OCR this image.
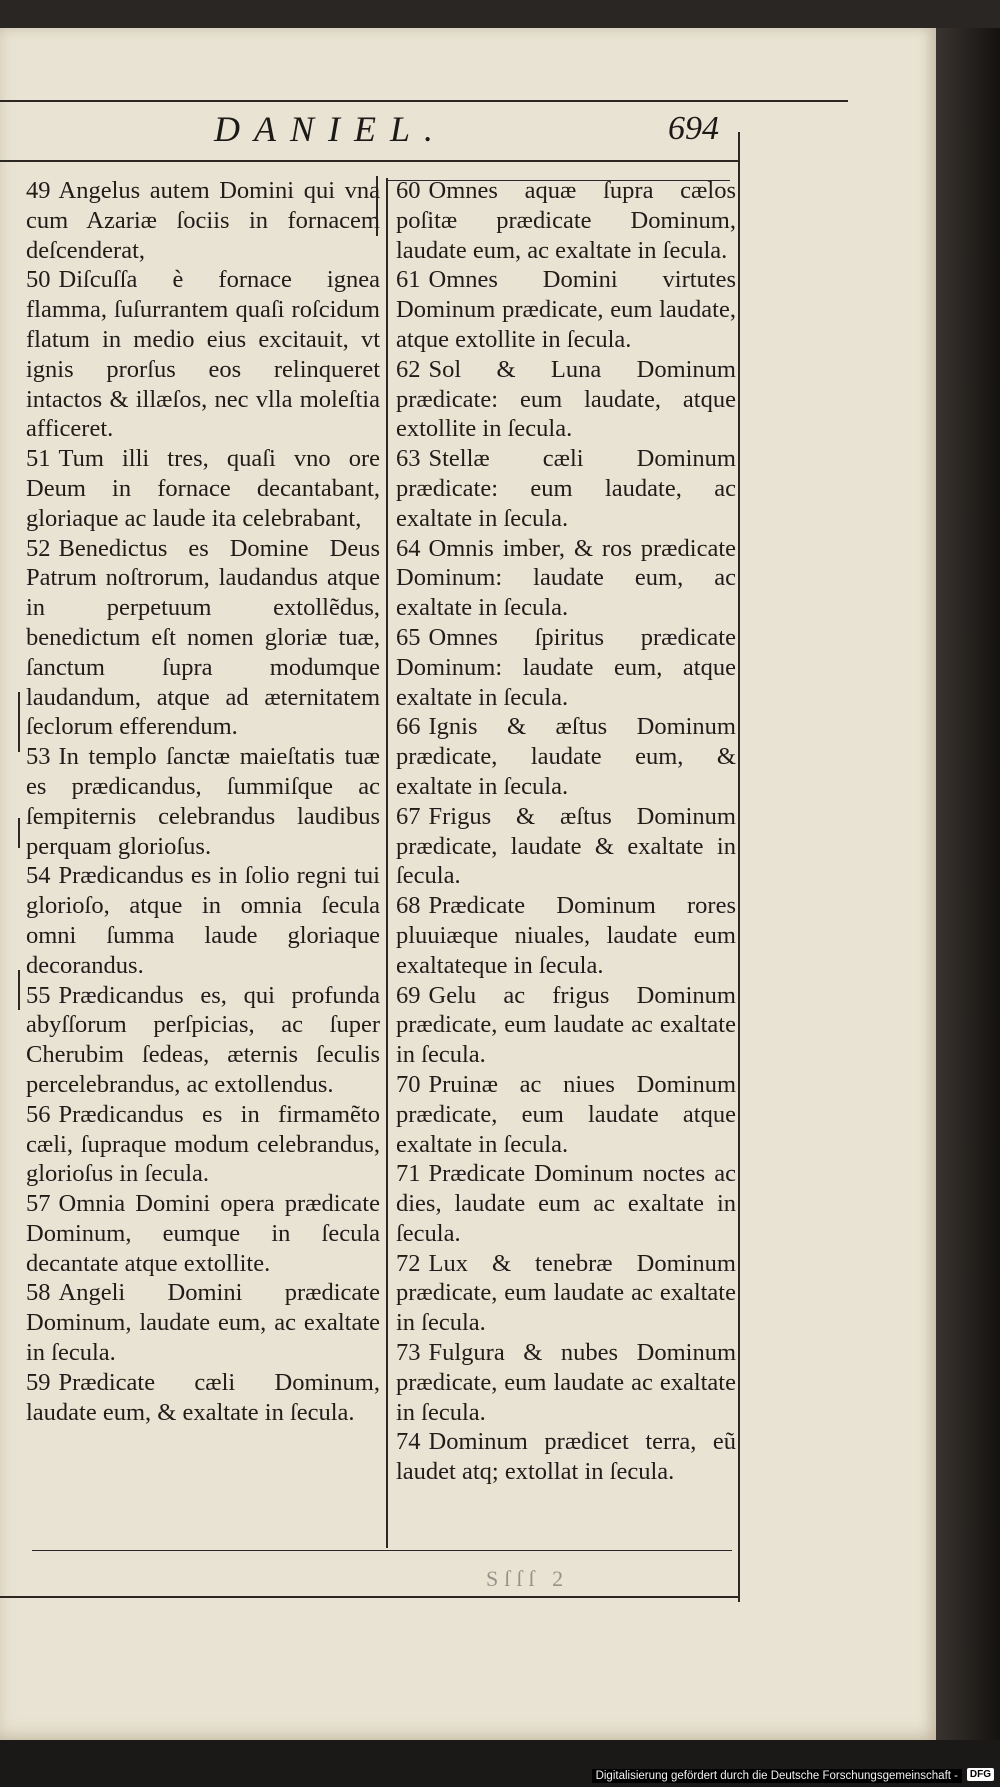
DANIEL.	694

49 Angelus autem Domini qui vna cum Azariæ ſociis in fornacem deſcenderat,

50 Diſcuſſa è fornace ignea flamma, ſuſurrantem quaſi roſcidum flatum in medio eius excitauit, vt ignis prorſus eos relinqueret intactos & illæſos, nec vlla moleſtia afficeret.

51 Tum illi tres, quaſi vno ore Deum in fornace decantabant, gloriaque ac laude ita celebrabant,

52 Benedictus es Domine Deus Patrum noſtrorum, laudandus atque in perpetuum extollẽdus, benedictum eſt nomen gloriæ tuæ, ſanctum ſupra modumque laudandum, atque ad æternitatem ſeclorum efferendum.

53 In templo ſanctæ maieſtatis tuæ es prædicandus, ſummiſque ac ſempiternis celebrandus laudibus perquam glorioſus.

54 Prædicandus es in ſolio regni tui glorioſo, atque in omnia ſecula omni ſumma laude gloriaque decorandus.

55 Prædicandus es, qui profunda abyſſorum perſpicias, ac ſuper Cherubim ſedeas, æternis ſeculis percelebrandus, ac extollendus.

56 Prædicandus es in firmamẽto cæli, ſupraque modum celebrandus, glorioſus in ſecula.

57 Omnia Domini opera prædicate Dominum, eumque in ſecula decantate atque extollite.

58 Angeli Domini prædicate Dominum, laudate eum, ac exaltate in ſecula.

59 Prædicate cæli Dominum, laudate eum, & exaltate in ſecula.

60 Omnes aquæ ſupra cælos poſitæ prædicate Dominum, laudate eum, ac exaltate in ſecula.

61 Omnes Domini virtutes Dominum prædicate, eum laudate, atque extollite in ſecula.

62 Sol & Luna Dominum prædicate: eum laudate, atque extollite in ſecula.

63 Stellæ cæli Dominum prædicate: eum laudate, ac exaltate in ſecula.

64 Omnis imber, & ros prædicate Dominum: laudate eum, ac exaltate in ſecula.

65 Omnes ſpiritus prædicate Dominum: laudate eum, atque exaltate in ſecula.

66 Ignis & æſtus Dominum prædicate, laudate eum, & exaltate in ſecula.

67 Frigus & æſtus Dominum prædicate, laudate & exaltate in ſecula.

68 Prædicate Dominum rores pluuiæque niuales, laudate eum exaltateque in ſecula.

69 Gelu ac frigus Dominum prædicate, eum laudate ac exaltate in ſecula.

70 Pruinæ ac niues Dominum prædicate, eum laudate atque exaltate in ſecula.

71 Prædicate Dominum noctes ac dies, laudate eum ac exaltate in ſecula.

72 Lux & tenebræ Dominum prædicate, eum laudate ac exaltate in ſecula.

73 Fulgura & nubes Dominum prædicate, eum laudate ac exaltate in ſecula.

74 Dominum prædicet terra, eũ laudet atq; extollat in ſecula.

Sſſſ 2
Digitalisierung gefördert durch die Deutsche Forschungsgemeinschaft -	DFG
